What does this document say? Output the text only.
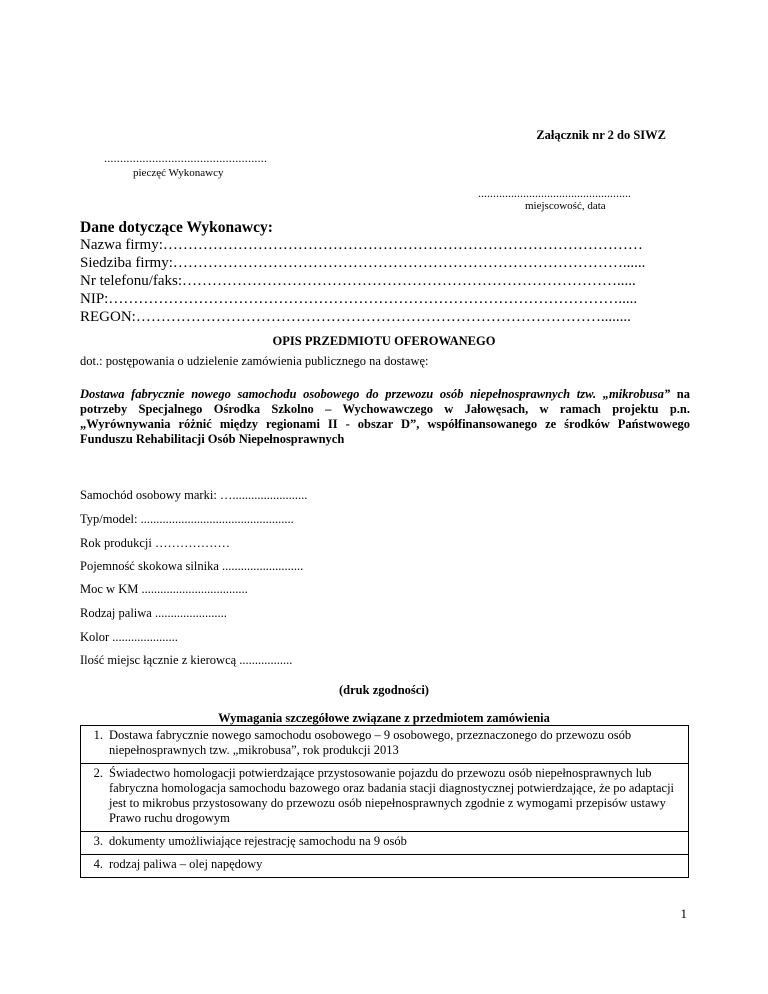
Załącznik nr 2 do SIWZ
...................................................
pieczęć Wykonawcy
...................................................
miejscowość, data
Dane dotyczące Wykonawcy:
Nazwa firmy:……………………………………………………………………………………
Siedziba firmy:………………………………………………………………………………......
Nr telefonu/faks:…………………………………………………………………………….....
NIP:………………………………………………………………………………………….....
REGON:…………………………………………………………………………………........
OPIS PRZEDMIOTU OFEROWANEGO
dot.: postępowania o udzielenie zamówienia publicznego na dostawę:
Dostawa fabrycznie nowego samochodu osobowego do przewozu osób niepełnosprawnych tzw. „mikrobusa” na potrzeby Specjalnego Ośrodka Szkolno – Wychowawczego w Jałowęsach, w ramach projektu p.n. „Wyrównywania różnić między regionami II - obszar D”, współfinansowanego ze środków Państwowego Funduszu Rehabilitacji Osób Niepełnosprawnych
Samochód osobowy marki: …........................
Typ/model: .................................................
Rok produkcji ………………
Pojemność skokowa silnika ..........................
Moc w KM ..................................
Rodzaj paliwa .......................
Kolor .....................
Ilość miejsc łącznie z kierowcą .................
(druk zgodności)
Wymagania szczegółowe związane z przedmiotem zamówienia
1.	Dostawa fabrycznie nowego samochodu osobowego – 9 osobowego, przeznaczonego do przewozu osób niepełnosprawnych tzw. „mikrobusa”, rok produkcji 2013
2.	Świadectwo homologacji potwierdzające przystosowanie pojazdu do przewozu osób niepełnosprawnych lub fabryczna homologacja samochodu bazowego oraz badania stacji diagnostycznej potwierdzające, że po adaptacji jest to mikrobus przystosowany do przewozu osób niepełnosprawnych zgodnie z wymogami przepisów ustawy Prawo ruchu drogowym
3.	dokumenty umożliwiające rejestrację samochodu na 9 osób
4.	rodzaj paliwa – olej napędowy
1
